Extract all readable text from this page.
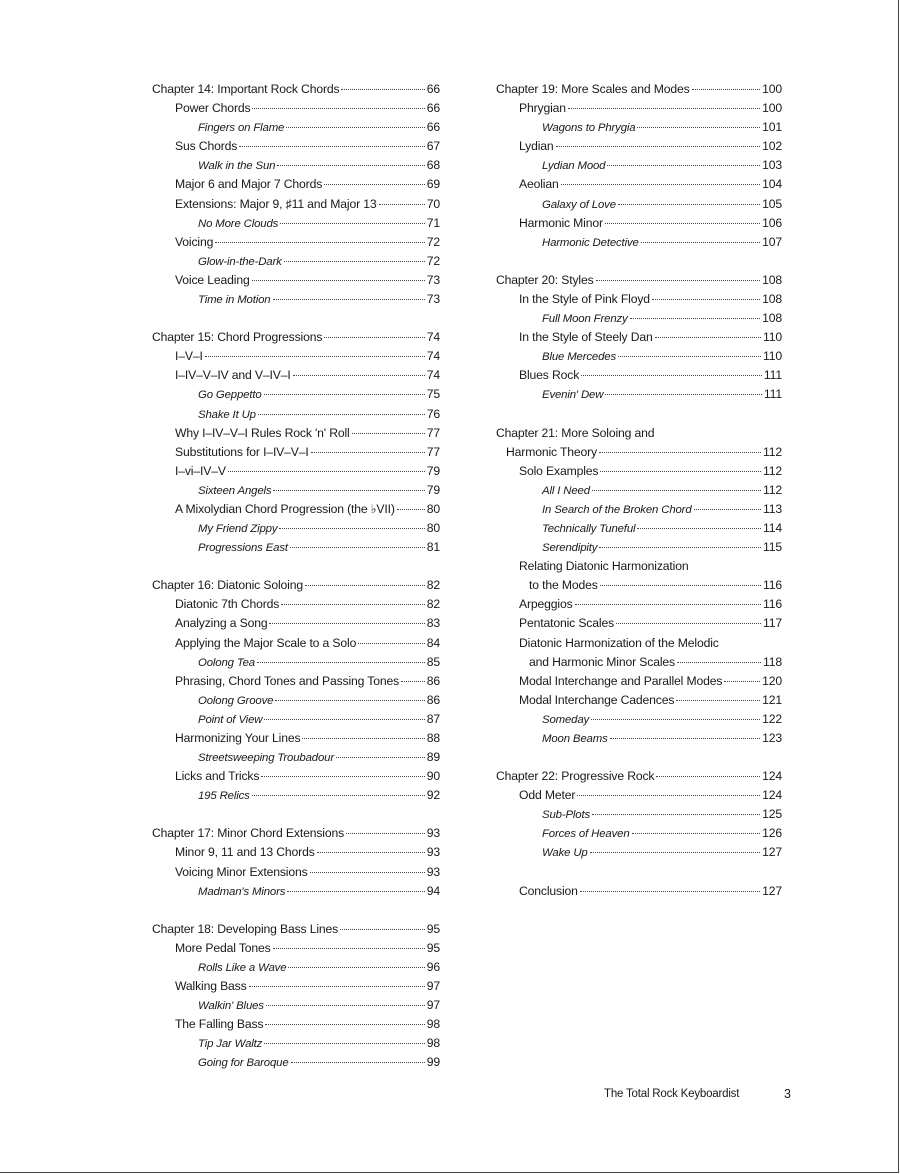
Chapter 14: Important Rock Chords	66
Power Chords	66
Fingers on Flame	66
Sus Chords	67
Walk in the Sun	68
Major 6 and Major 7 Chords	69
Extensions: Major 9, ♯11 and Major 13	70
No More Clouds	71
Voicing	72
Glow-in-the-Dark	72
Voice Leading	73
Time in Motion	73
Chapter 15: Chord Progressions	74
I–V–I	74
I–IV–V–IV and V–IV–I	74
Go Geppetto	75
Shake It Up	76
Why I–IV–V–I Rules Rock 'n' Roll	77
Substitutions for I–IV–V–I	77
I–vi–IV–V	79
Sixteen Angels	79
A Mixolydian Chord Progression (the ♭VII)	80
My Friend Zippy	80
Progressions East	81
Chapter 16: Diatonic Soloing	82
Diatonic 7th Chords	82
Analyzing a Song	83
Applying the Major Scale to a Solo	84
Oolong Tea	85
Phrasing, Chord Tones and Passing Tones 86
Oolong Groove	86
Point of View	87
Harmonizing Your Lines	88
Streetsweeping Troubadour	89
Licks and Tricks	90
195 Relics	92
Chapter 17: Minor Chord Extensions	93
Minor 9, 11 and 13 Chords	93
Voicing Minor Extensions	93
Madman's Minors	94
Chapter 18: Developing Bass Lines	95
More Pedal Tones	95
Rolls Like a Wave	96
Walking Bass	97
Walkin' Blues	97
The Falling Bass	98
Tip Jar Waltz	98
Going for Baroque	99
Chapter 19: More Scales and Modes	100
Phrygian	100
Wagons to Phrygia	101
Lydian	102
Lydian Mood	103
Aeolian	104
Galaxy of Love	105
Harmonic Minor	106
Harmonic Detective	107
Chapter 20: Styles	108
In the Style of Pink Floyd	108
Full Moon Frenzy	108
In the Style of Steely Dan	110
Blue Mercedes	110
Blues Rock	111
Evenin' Dew	111
Chapter 21: More Soloing and
Harmonic Theory	112
Solo Examples	112
All I Need	112
In Search of the Broken Chord	113
Technically Tuneful	114
Serendipity	115
Relating Diatonic Harmonization
to the Modes	116
Arpeggios	116
Pentatonic Scales	117
Diatonic Harmonization of the Melodic
and Harmonic Minor Scales	118
Modal Interchange and Parallel Modes	120
Modal Interchange Cadences	121
Someday	122
Moon Beams	123
Chapter 22: Progressive Rock	124
Odd Meter	124
Sub-Plots	125
Forces of Heaven	126
Wake Up	127
Conclusion	127
The Total Rock Keyboardist	3
